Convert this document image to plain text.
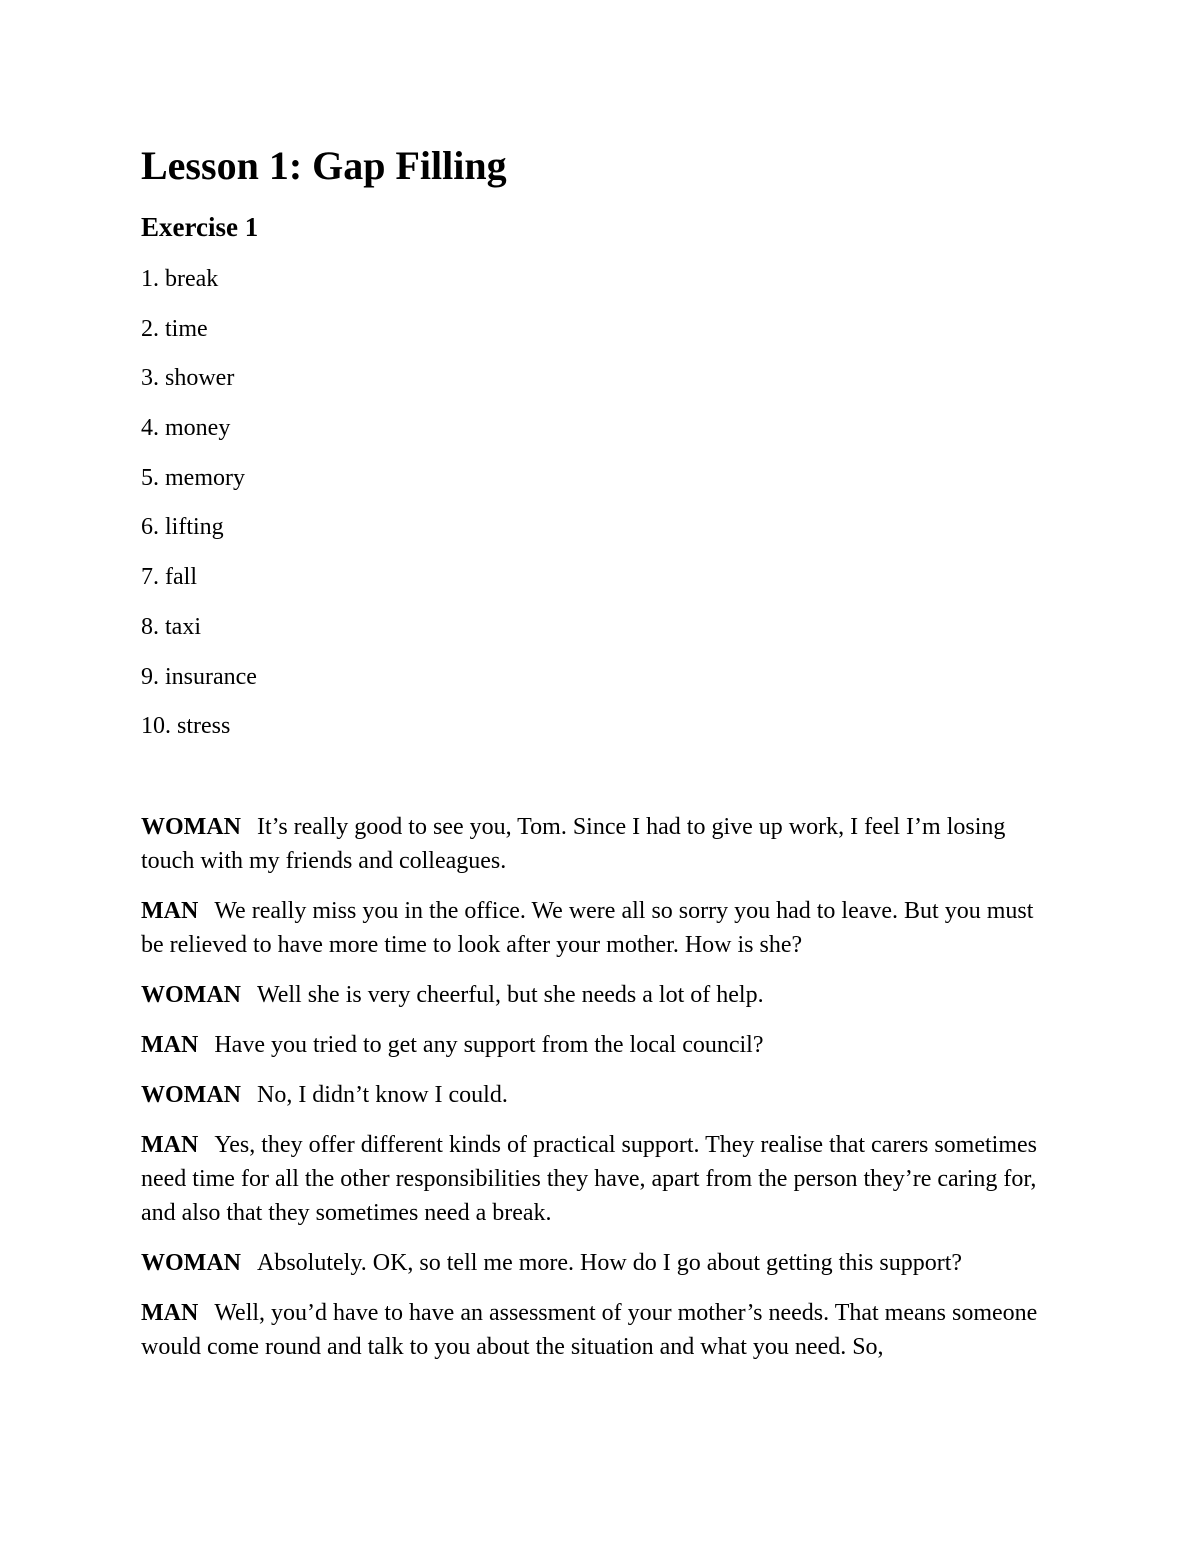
Lesson 1: Gap Filling
Exercise 1
1. break
2. time
3. shower
4. money
5. memory
6. lifting
7. fall
8. taxi
9. insurance
10. stress

WOMAN It’s really good to see you, Tom. Since I had to give up work, I feel I’m losing touch with my friends and colleagues.

MAN We really miss you in the office. We were all so sorry you had to leave. But you must be relieved to have more time to look after your mother. How is she?

WOMAN Well she is very cheerful, but she needs a lot of help.

MAN Have you tried to get any support from the local council?

WOMAN No, I didn’t know I could.

MAN Yes, they offer different kinds of practical support. They realise that carers sometimes need time for all the other responsibilities they have, apart from the person they’re caring for, and also that they sometimes need a break.

WOMAN Absolutely. OK, so tell me more. How do I go about getting this support?

MAN Well, you’d have to have an assessment of your mother’s needs. That means someone would come round and talk to you about the situation and what you need. So,
